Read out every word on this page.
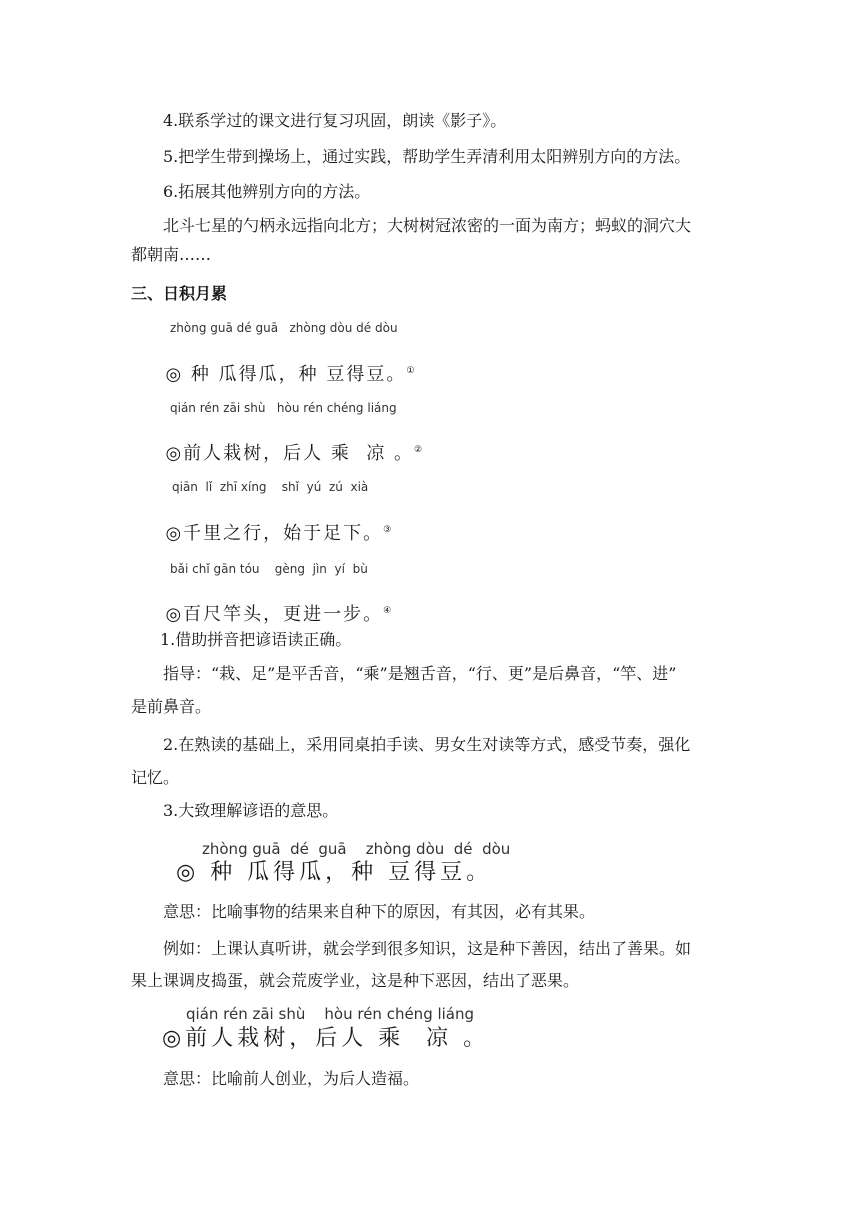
4.联系学过的课文进行复习巩固，朗读《影子》。
5.把学生带到操场上，通过实践，帮助学生弄清利用太阳辨别方向的方法。
6.拓展其他辨别方向的方法。
北斗七星的勺柄永远指向北方；大树树冠浓密的一面为南方；蚂蚁的洞穴大
都朝南……
三、日积月累
zhòng guā dé guā   zhòng dòu dé dòu

◎ 种 瓜得瓜，种 豆得豆。①

qián rén zāi shù   hòu rén chéng liáng

◎前人栽树，后人 乘  凉 。②

qiān  lǐ  zhī xíng    shǐ  yú  zú  xià

◎千里之行，始于足下。③

bǎi chǐ gān tóu    gèng  jìn  yí  bù

◎百尺竿头，更进一步。④

1.借助拼音把谚语读正确。
指导：“栽、足”是平舌音，“乘”是翘舌音，“行、更”是后鼻音，“竿、进”
是前鼻音。
2.在熟读的基础上，采用同桌拍手读、男女生对读等方式，感受节奏，强化
记忆。
3.大致理解谚语的意思。
zhòng guā  dé  guā    zhòng dòu  dé  dòu
◎ 种 瓜得瓜，种 豆得豆。
意思：比喻事物的结果来自种下的原因，有其因，必有其果。
例如：上课认真听讲，就会学到很多知识，这是种下善因，结出了善果。如
果上课调皮捣蛋，就会荒废学业，这是种下恶因，结出了恶果。
qián rén zāi shù    hòu rén chéng liáng
◎前人栽树，后人 乘  凉 。
意思：比喻前人创业，为后人造福。
